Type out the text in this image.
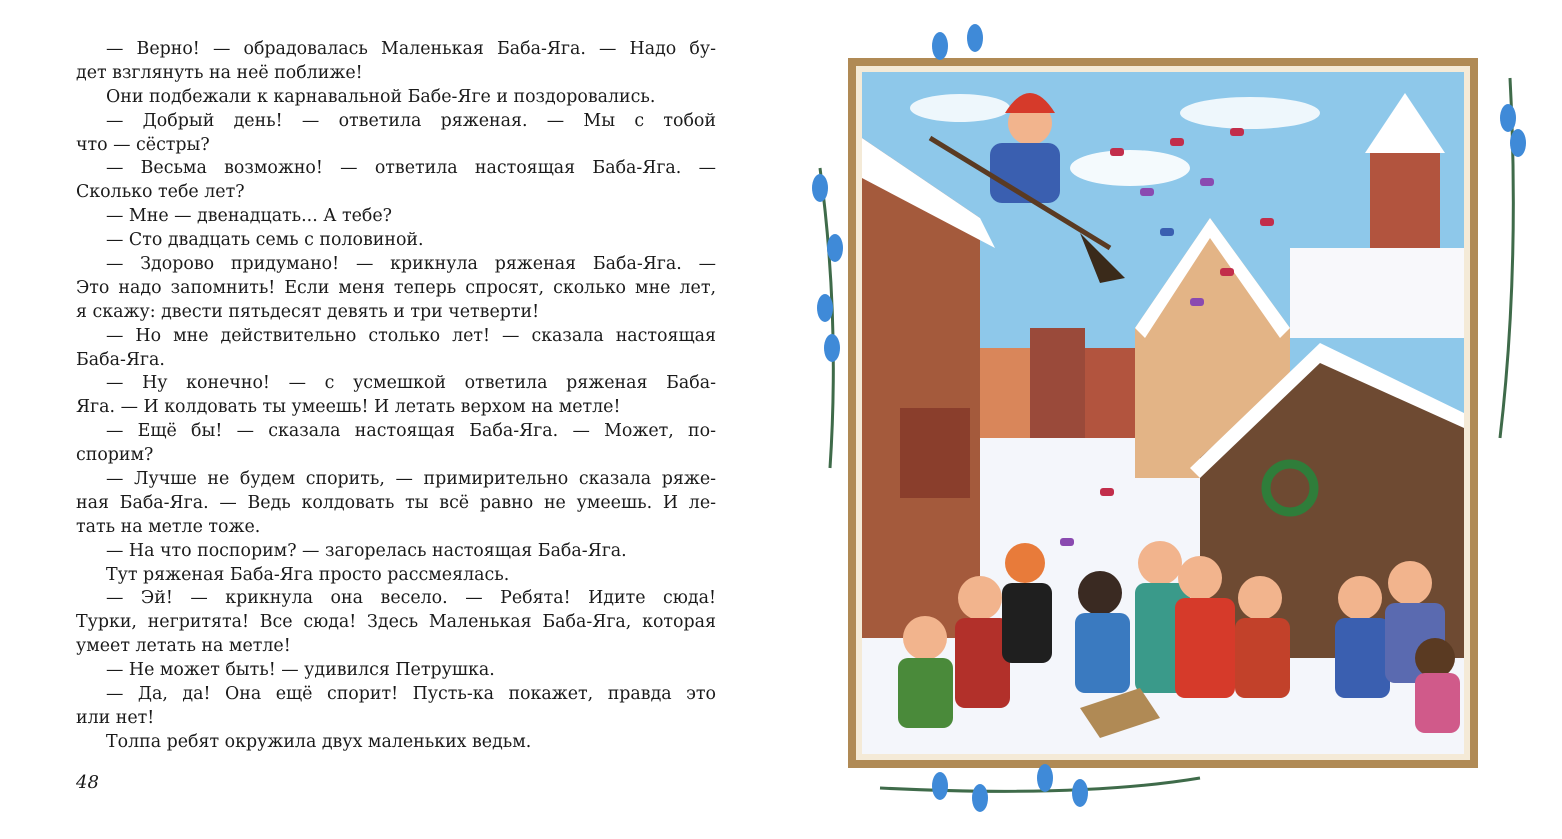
— Верно! — обрадовалась Маленькая Баба-Яга. — Надо бу-
дет взглянуть на неё поближе!
Они подбежали к карнавальной Бабе-Яге и поздоровались.
— Добрый день! — ответила ряженая. — Мы с тобой
что — сёстры?
— Весьма возможно! — ответила настоящая Баба-Яга. —
Сколько тебе лет?
— Мне — двенадцать... А тебе?
— Сто двадцать семь с половиной.
— Здорово придумано! — крикнула ряженая Баба-Яга. —
Это надо запомнить! Если меня теперь спросят, сколько мне лет,
я скажу: двести пятьдесят девять и три четверти!
— Но мне действительно столько лет! — сказала настоящая
Баба-Яга.
— Ну конечно! — с усмешкой ответила ряженая Баба-
Яга. — И колдовать ты умеешь! И летать верхом на метле!
— Ещё бы! — сказала настоящая Баба-Яга. — Может, по-
спорим?
— Лучше не будем спорить, — примирительно сказала ряже-
ная Баба-Яга. — Ведь колдовать ты всё равно не умеешь. И ле-
тать на метле тоже.
— На что поспорим? — загорелась настоящая Баба-Яга.
Тут ряженая Баба-Яга просто рассмеялась.
— Эй! — крикнула она весело. — Ребята! Идите сюда!
Турки, негритята! Все сюда! Здесь Маленькая Баба-Яга, которая
умеет летать на метле!
— Не может быть! — удивился Петрушка.
— Да, да! Она ещё спорит! Пусть-ка покажет, правда это
или нет!
Толпа ребят окружила двух маленьких ведьм.
48
